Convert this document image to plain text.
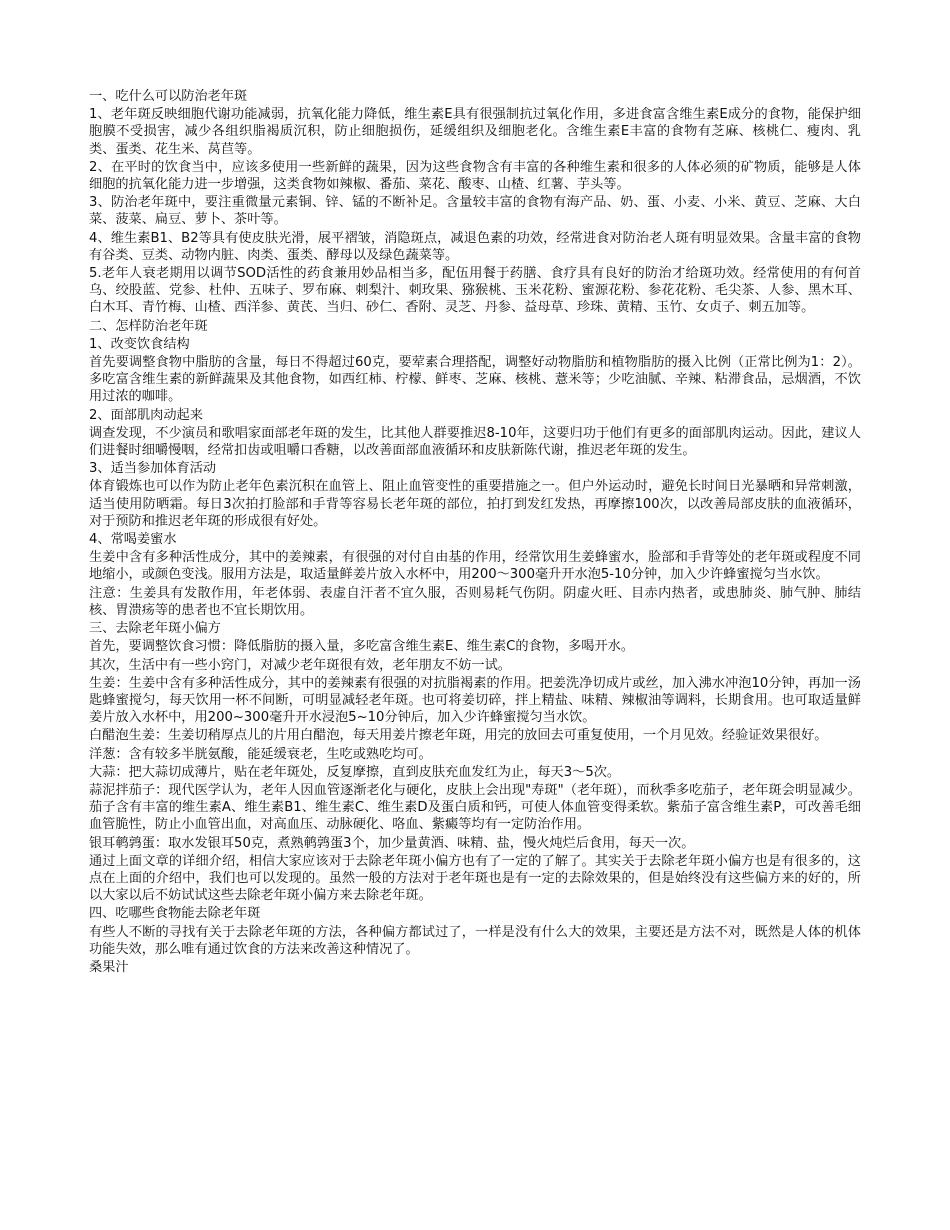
一、吃什么可以防治老年斑

1、老年斑反映细胞代谢功能减弱，抗氧化能力降低，维生素E具有很强制抗过氧化作用，多进食富含维生素E成分的食物，能保护细胞膜不受损害，减少各组织脂褐质沉积，防止细胞损伤，延缓组织及细胞老化。含维生素E丰富的食物有芝麻、核桃仁、瘦肉、乳类、蛋类、花生米、莴苣等。

2、在平时的饮食当中，应该多使用一些新鲜的蔬果，因为这些食物含有丰富的各种维生素和很多的人体必须的矿物质，能够是人体细胞的抗氧化能力进一步增强，这类食物如辣椒、番茄、菜花、酸枣、山楂、红薯、芋头等。

3、防治老年斑中，要注重微量元素铜、锌、锰的不断补足。含量较丰富的食物有海产品、奶、蛋、小麦、小米、黄豆、芝麻、大白菜、菠菜、扁豆、萝卜、茶叶等。

4、维生素B1、B2等具有使皮肤光滑，展平褶皱，消隐斑点，减退色素的功效，经常进食对防治老人斑有明显效果。含量丰富的食物有谷类、豆类、动物内脏、肉类、蛋类、酵母以及绿色蔬菜等。

5.老年人衰老期用以调节SOD活性的药食兼用妙品相当多，配伍用餐于药膳、食疗具有良好的防治才给斑功效。经常使用的有何首乌、绞股蓝、党参、杜仲、五味子、罗布麻、刺梨汁、刺玫果、猕猴桃、玉米花粉、蜜源花粉、参花花粉、毛尖茶、人参、黑木耳、白木耳、青竹梅、山楂、西洋参、黄芪、当归、砂仁、香附、灵芝、丹参、益母草、珍珠、黄精、玉竹、女贞子、刺五加等。

二、怎样防治老年斑

1、改变饮食结构

首先要调整食物中脂肪的含量，每日不得超过60克，要荤素合理搭配，调整好动物脂肪和植物脂肪的摄入比例（正常比例为1：2）。多吃富含维生素的新鲜蔬果及其他食物，如西红柿、柠檬、鲜枣、芝麻、核桃、薏米等；少吃油腻、辛辣、粘滞食品，忌烟酒，不饮用过浓的咖啡。

2、面部肌肉动起来

调查发现，不少演员和歌唱家面部老年斑的发生，比其他人群要推迟8-10年，这要归功于他们有更多的面部肌肉运动。因此，建议人们进餐时细嚼慢咽，经常扣齿或咀嚼口香糖，以改善面部血液循环和皮肤新陈代谢，推迟老年斑的发生。

3、适当参加体育活动

体育锻炼也可以作为防止老年色素沉积在血管上、阻止血管变性的重要措施之一。但户外运动时，避免长时间日光暴晒和异常刺激，适当使用防晒霜。每日3次拍打脸部和手背等容易长老年斑的部位，拍打到发红发热，再摩擦100次，以改善局部皮肤的血液循环，对于预防和推迟老年斑的形成很有好处。

4、常喝姜蜜水

生姜中含有多种活性成分，其中的姜辣素，有很强的对付自由基的作用，经常饮用生姜蜂蜜水，脸部和手背等处的老年斑或程度不同地缩小，或颜色变浅。服用方法是，取适量鲜姜片放入水杯中，用200～300毫升开水泡5-10分钟，加入少许蜂蜜搅匀当水饮。

注意：生姜具有发散作用，年老体弱、表虚自汗者不宜久服，否则易耗气伤阴。阴虚火旺、目赤内热者，或患肺炎、肺气肿、肺结核、胃溃疡等的患者也不宜长期饮用。

三、去除老年斑小偏方

首先，要调整饮食习惯：降低脂肪的摄入量，多吃富含维生素E、维生素C的食物，多喝开水。

其次，生活中有一些小窍门，对减少老年斑很有效，老年朋友不妨一试。

生姜：生姜中含有多种活性成分，其中的姜辣素有很强的对抗脂褐素的作用。把姜洗净切成片或丝，加入沸水冲泡10分钟，再加一汤匙蜂蜜搅匀，每天饮用一杯不间断，可明显减轻老年斑。也可将姜切碎，拌上精盐、味精、辣椒油等调料，长期食用。也可取适量鲜姜片放入水杯中，用200~300毫升开水浸泡5~10分钟后，加入少许蜂蜜搅匀当水饮。

白醋泡生姜：生姜切稍厚点儿的片用白醋泡，每天用姜片擦老年斑，用完的放回去可重复使用，一个月见效。经验证效果很好。

洋葱：含有较多半胱氨酸，能延缓衰老，生吃或熟吃均可。

大蒜：把大蒜切成薄片，贴在老年斑处，反复摩擦，直到皮肤充血发红为止，每天3～5次。

蒜泥拌茄子：现代医学认为，老年人因血管逐渐老化与硬化，皮肤上会出现"寿斑"（老年斑），而秋季多吃茄子，老年斑会明显减少。茄子含有丰富的维生素A、维生素B1、维生素C、维生素D及蛋白质和钙，可使人体血管变得柔软。紫茄子富含维生素P，可改善毛细血管脆性，防止小血管出血，对高血压、动脉硬化、咯血、紫癜等均有一定防治作用。

银耳鹌鹑蛋：取水发银耳50克，煮熟鹌鹑蛋3个，加少量黄酒、味精、盐，慢火炖烂后食用，每天一次。

通过上面文章的详细介绍，相信大家应该对于去除老年斑小偏方也有了一定的了解了。其实关于去除老年斑小偏方也是有很多的，这点在上面的介绍中，我们也可以发现的。虽然一般的方法对于老年斑也是有一定的去除效果的，但是始终没有这些偏方来的好的，所以大家以后不妨试试这些去除老年斑小偏方来去除老年斑。

四、吃哪些食物能去除老年斑

有些人不断的寻找有关于去除老年斑的方法，各种偏方都试过了，一样是没有什么大的效果，主要还是方法不对，既然是人体的机体功能失效，那么唯有通过饮食的方法来改善这种情况了。

桑果汁
